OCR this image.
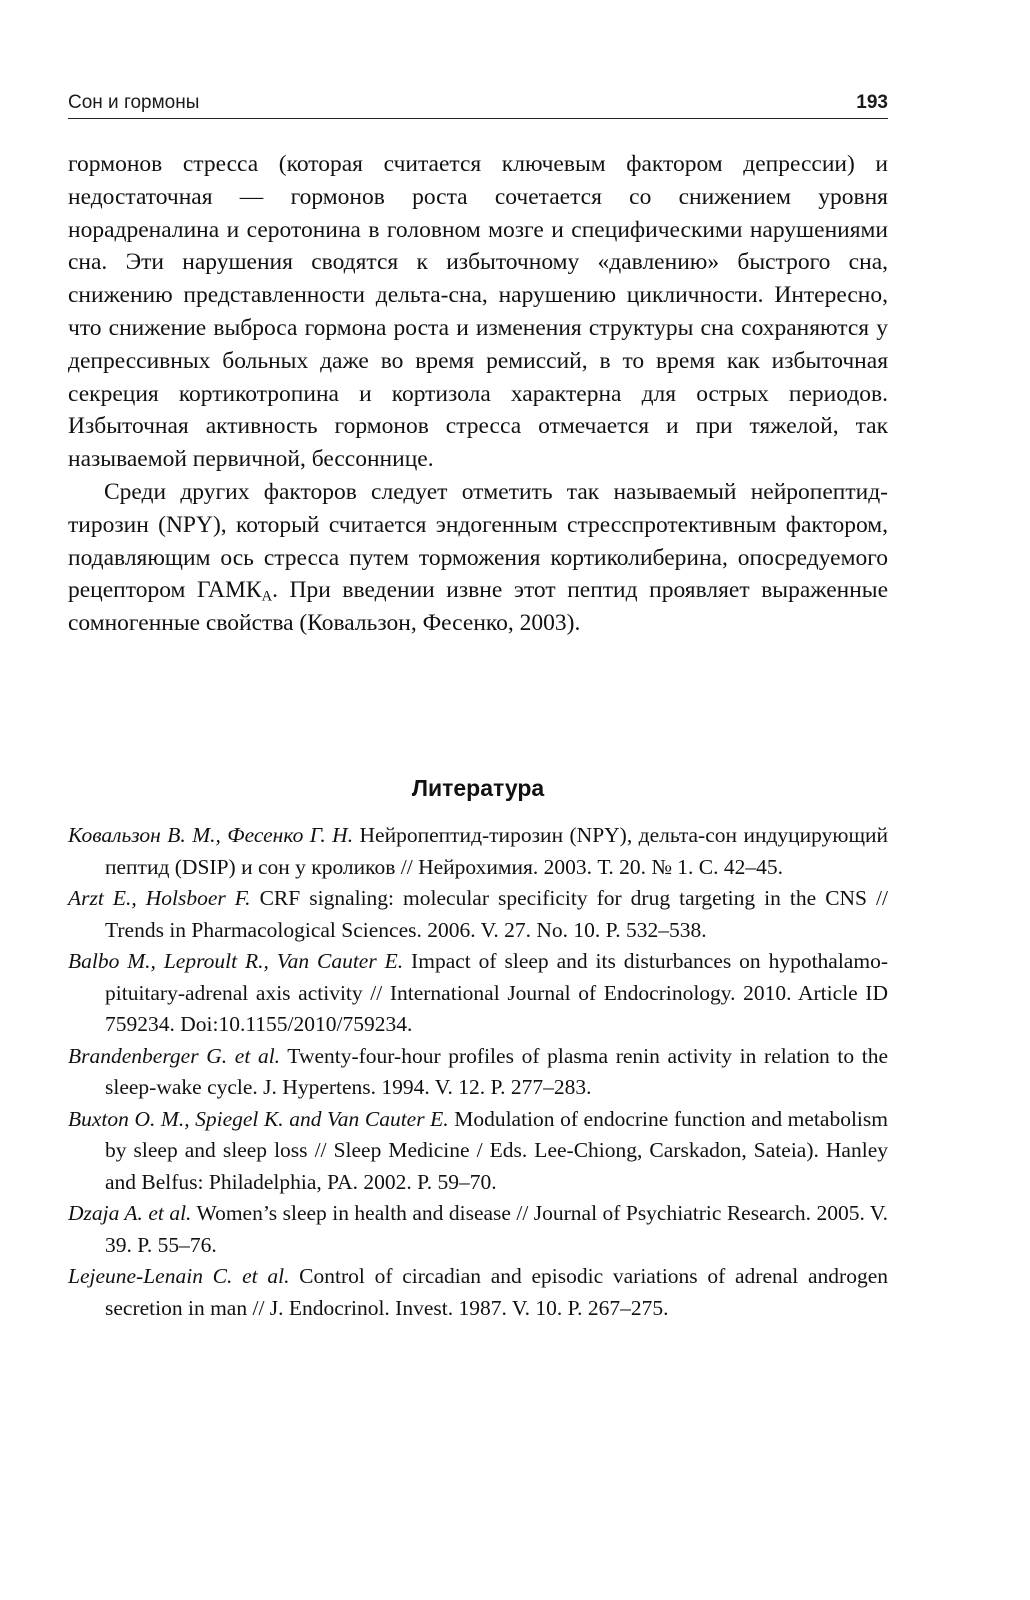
Сон и гормоны	193

гормонов стресса (которая считается ключевым фактором депрессии) и недостаточная — гормонов роста сочетается со снижением уровня норадреналина и серотонина в головном мозге и специфическими нарушениями сна. Эти нарушения сводятся к избыточному «давлению» быстрого сна, снижению представленности дельта-сна, нарушению цикличности. Интересно, что снижение выброса гормона роста и изменения структуры сна сохраняются у депрессивных больных даже во время ремиссий, в то время как избыточная секреция кортикотропина и кортизола характерна для острых периодов. Избыточная активность гормонов стресса отмечается и при тяжелой, так называемой первичной, бессоннице.

Среди других факторов следует отметить так называемый нейропептид-тирозин (NPY), который считается эндогенным стресспротективным фактором, подавляющим ось стресса путем торможения кортиколиберина, опосредуемого рецептором $ГАМК_A$. При введении извне этот пептид проявляет выраженные сомногенные свойства (Ковальзон, Фесенко, 2003).

Литература

Ковальзон В. М., Фесенко Г. Н. Нейропептид-тирозин (NPY), дельта-сон индуцирующий пептид (DSIP) и сон у кроликов // Нейрохимия. 2003. Т. 20. № 1. С. 42–45.

Arzt E., Holsboer F. CRF signaling: molecular specificity for drug targeting in the CNS // Trends in Pharmacological Sciences. 2006. V. 27. No. 10. P. 532–538.

Balbo M., Leproult R., Van Cauter E. Impact of sleep and its disturbances on hypothalamo-pituitary-adrenal axis activity // International Journal of Endocrinology. 2010. Article ID 759234. Doi:10.1155/2010/759234.

Brandenberger G. et al. Twenty-four-hour profiles of plasma renin activity in relation to the sleep-wake cycle. J. Hypertens. 1994. V. 12. P. 277–283.

Buxton O. M., Spiegel K. and Van Cauter E. Modulation of endocrine function and metabolism by sleep and sleep loss // Sleep Medicine / Eds. Lee-Chiong, Carskadon, Sateia). Hanley and Belfus: Philadelphia, PA. 2002. P. 59–70.

Dzaja A. et al. Women’s sleep in health and disease // Journal of Psychiatric Research. 2005. V. 39. P. 55–76.

Lejeune-Lenain C. et al. Control of circadian and episodic variations of adrenal androgen secretion in man // J. Endocrinol. Invest. 1987. V. 10. P. 267–275.
